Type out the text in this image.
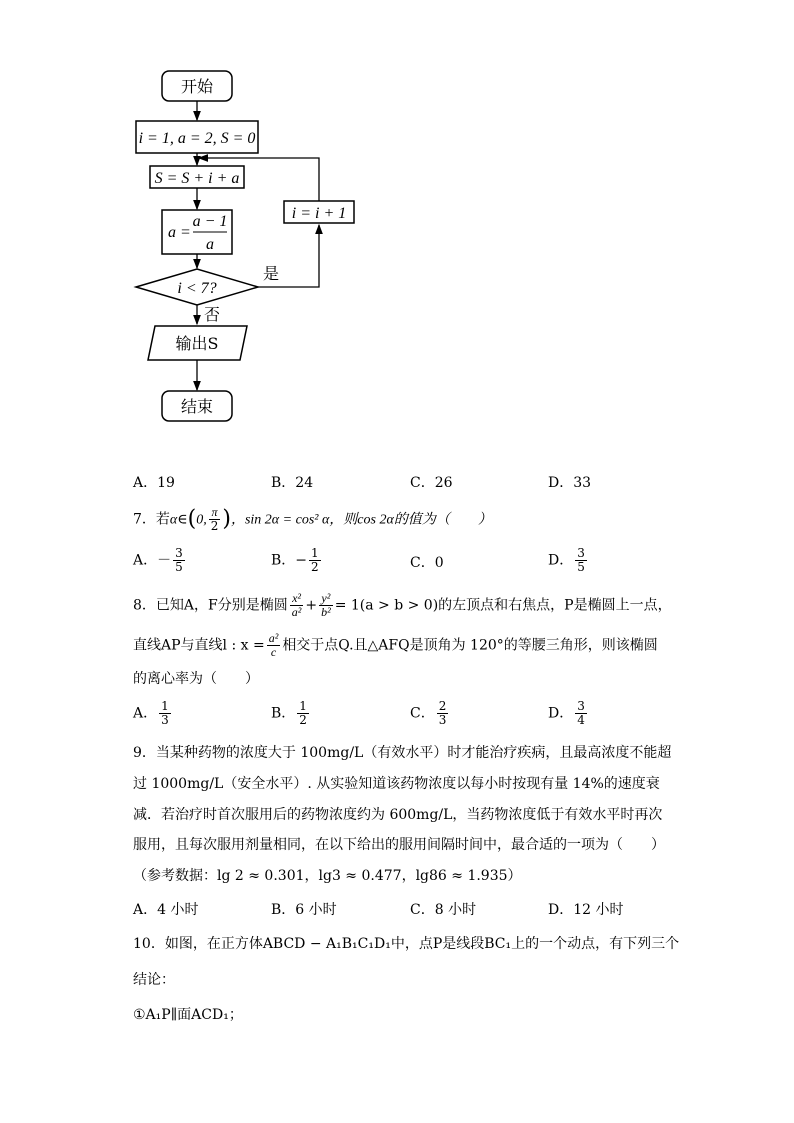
开始
i = 1, a = 2, S = 0
S = S + i + a
a =
a − 1
a
i < 7?
是
i = i + 1
否
输出S
结束
A．19	B．24	C．26	D．33
7．若α∈(0, $\frac{\pi}{2}$ )，sin 2α = cos² α，则cos 2α的值为（　　）
A．－ $\frac{3}{5}$	B．− $\frac{1}{2}$	C．0	D． $\frac{3}{5}$
8．已知A，F分别是椭圆 $\frac{\text{x²}}{\text{a²}} + \frac{\text{y²}}{\text{b²}} = 1(a > b > 0)$的左顶点和右焦点，P是椭圆上一点，
直线AP与直线l : $x = \frac{\text{a²}}{c}$ 相交于点Q.且△AFQ是顶角为 120°的等腰三角形，则该椭圆
的离心率为（　　）
A． $\frac{1}{3}$	B． $\frac{1}{2}$	C． $\frac{2}{3}$	D． $\frac{3}{4}$
9．当某种药物的浓度大于 100mg/L（有效水平）时才能治疗疾病，且最高浓度不能超
过 1000mg/L（安全水平）. 从实验知道该药物浓度以每小时按现有量 14%的速度衰
减．若治疗时首次服用后的药物浓度约为 600mg/L，当药物浓度低于有效水平时再次
服用，且每次服用剂量相同，在以下给出的服用间隔时间中，最合适的一项为（　　）
（参考数据：lg 2 ≈ 0.301，lg3 ≈ 0.477，lg86 ≈ 1.935）
A．4 小时	B．6 小时	C．8 小时	D．12 小时
10．如图，在正方体ABCD − A₁B₁C₁D₁中，点P是线段BC₁上的一个动点，有下列三个
结论：
①A₁P∥面ACD₁；
